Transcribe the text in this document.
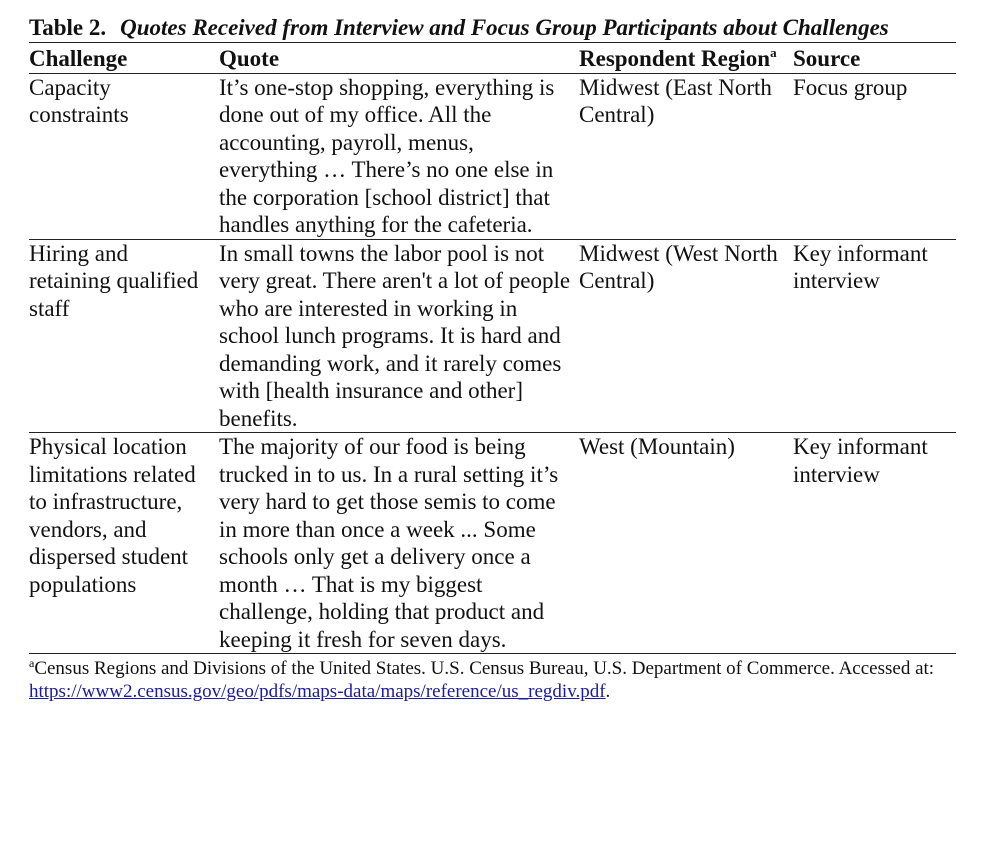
Table 2. Quotes Received from Interview and Focus Group Participants about Challenges
Challenge	Quote	Respondent Region$^a$	Source
Capacity constraints	It’s one-stop shopping, everything is done out of my office. All the accounting, payroll, menus, everything … There’s no one else in the corporation [school district] that handles anything for the cafeteria.	Midwest (East North Central)	Focus group
Hiring and retaining qualified staff	In small towns the labor pool is not very great. There aren't a lot of people who are interested in working in school lunch programs. It is hard and demanding work, and it rarely comes with [health insurance and other] benefits.	Midwest (West North Central)	Key informant interview
Physical location limitations related to infrastructure, vendors, and dispersed student populations	The majority of our food is being trucked in to us. In a rural setting it’s very hard to get those semis to come in more than once a week ... Some schools only get a delivery once a month … That is my biggest challenge, holding that product and keeping it fresh for seven days.	West (Mountain)	Key informant interview
$^a$Census Regions and Divisions of the United States. U.S. Census Bureau, U.S. Department of Commerce. Accessed at: https://www2.census.gov/geo/pdfs/maps-data/maps/reference/us_regdiv.pdf.
